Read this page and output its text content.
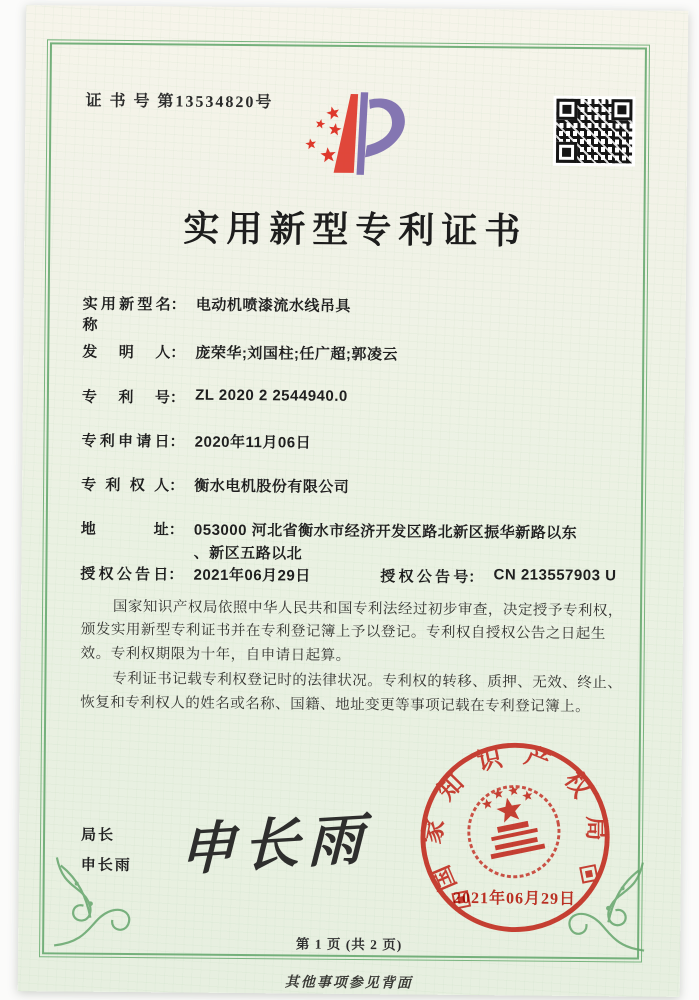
证 书 号 第13534820号
实用新型专利证书
实用新型名称： 电动机喷漆流水线吊具
发明人： 庞荣华;刘国柱;任广超;郭凌云
专利号： ZL 2020 2 2544940.0
专利申请日： 2020年11月06日
专利权人： 衡水电机股份有限公司
地址： 053000 河北省衡水市经济开发区路北新区振华新路以东
、新区五路以北
授权公告日： 2021年06月29日	授权公告号： CN 213557903 U

国家知识产权局依照中华人民共和国专利法经过初步审查，决定授予专利权，颁发实用新型专利证书并在专利登记簿上予以登记。专利权自授权公告之日起生效。专利权期限为十年，自申请日起算。

专利证书记载专利权登记时的法律状况。专利权的转移、质押、无效、终止、恢复和专利权人的姓名或名称、国籍、地址变更等事项记载在专利登记簿上。

局长
申长雨 申长雨	国家知识产权局
2021年06月29日
第 1 页 (共 2 页)
其他事项参见背面
